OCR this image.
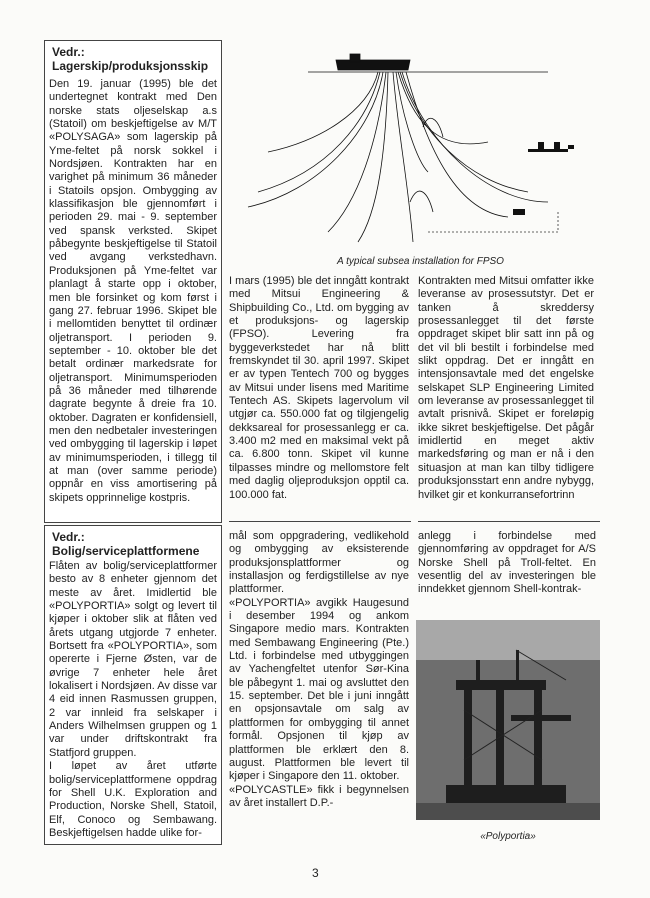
Vedr.:
Lagerskip/produksjonsskip

Den 19. januar (1995) ble det undertegnet kontrakt med Den norske stats oljeselskap a.s (Statoil) om beskjeftigelse av M/T «POLYSAGA» som lagerskip på Yme-feltet på norsk sokkel i Nordsjøen. Kontrakten har en varighet på minimum 36 måneder i Statoils opsjon. Ombygging av klassifikasjon ble gjennomført i perioden 29. mai - 9. september ved spansk verksted. Skipet påbegynte beskjeftigelse til Statoil ved avgang verkstedhavn. Produksjonen på Yme-feltet var planlagt å starte opp i oktober, men ble forsinket og kom først i gang 27. februar 1996. Skipet ble i mellomtiden benyttet til ordinær oljetransport. I perioden 9. september - 10. oktober ble det betalt ordinær markedsrate for oljetransport. Minimumsperioden på 36 måneder med tilhørende dagrate begynte å dreie fra 10. oktober. Dagraten er konfidensiell, men den nedbetaler investeringen ved ombygging til lagerskip i løpet av minimumsperioden, i tillegg til at man (over samme periode) oppnår en viss amortisering på skipets opprinnelige kostpris.

A typical subsea installation for FPSO

I mars (1995) ble det inngått kontrakt med Mitsui Engineering & Shipbuilding Co., Ltd. om bygging av et produksjons- og lagerskip (FPSO). Levering fra byggeverkstedet har nå blitt fremskyndet til 30. april 1997. Skipet er av typen Tentech 700 og bygges av Mitsui under lisens med Maritime Tentech AS. Skipets lagervolum vil utgjør ca. 550.000 fat og tilgjengelig dekksareal for prosessanlegg er ca. 3.400 m2 med en maksimal vekt på ca. 6.800 tonn. Skipet vil kunne tilpasses mindre og mellomstore felt med daglig oljeproduksjon opptil ca. 100.000 fat.

Kontrakten med Mitsui omfatter ikke leveranse av prosessutstyr. Det er tanken å skreddersy prosessanlegget til det første oppdraget skipet blir satt inn på og det vil bli bestilt i forbindelse med slikt oppdrag. Det er inngått en intensjonsavtale med det engelske selskapet SLP Engineering Limited om leveranse av prosessanlegget til avtalt prisnivå. Skipet er foreløpig ikke sikret beskjeftigelse. Det pågår imidlertid en meget aktiv markedsføring og man er nå i den situasjon at man kan tilby tidligere produksjonsstart enn andre nybygg, hvilket gir et konkurransefortrinn

Vedr.:
Bolig/serviceplattformene

Flåten av bolig/serviceplattformer besto av 8 enheter gjennom det meste av året. Imidlertid ble «POLYPORTIA» solgt og levert til kjøper i oktober slik at flåten ved årets utgang utgjorde 7 enheter. Bortsett fra «POLYPORTIA», som opererte i Fjerne Østen, var de øvrige 7 enheter hele året lokalisert i Nordsjøen. Av disse var 4 eid innen Rasmussen gruppen, 2 var innleid fra selskaper i Anders Wilhelmsen gruppen og 1 var under driftskontrakt fra Statfjord gruppen.

I løpet av året utførte bolig/serviceplattformene oppdrag for Shell U.K. Exploration and Production, Norske Shell, Statoil, Elf, Conoco og Sembawang. Beskjeftigelsen hadde ulike for-

mål som oppgradering, vedlikehold og ombygging av eksisterende produksjonsplattformer og installasjon og ferdigstillelse av nye plattformer.

«POLYPORTIA» avgikk Haugesund i desember 1994 og ankom Singapore medio mars. Kontrakten med Sembawang Engineering (Pte.) Ltd. i forbindelse med utbyggingen av Yachengfeltet utenfor Sør-Kina ble påbegynt 1. mai og avsluttet den 15. september. Det ble i juni inngått en opsjonsavtale om salg av plattformen for ombygging til annet formål. Opsjonen til kjøp av plattformen ble erklært den 8. august. Plattformen ble levert til kjøper i Singapore den 11. oktober.

«POLYCASTLE» fikk i begynnelsen av året installert D.P.-

anlegg i forbindelse med gjennomføring av oppdraget for A/S Norske Shell på Troll-feltet. En vesentlig del av investeringen ble inndekket gjennom Shell-kontrak-

«Polyportia»
3
